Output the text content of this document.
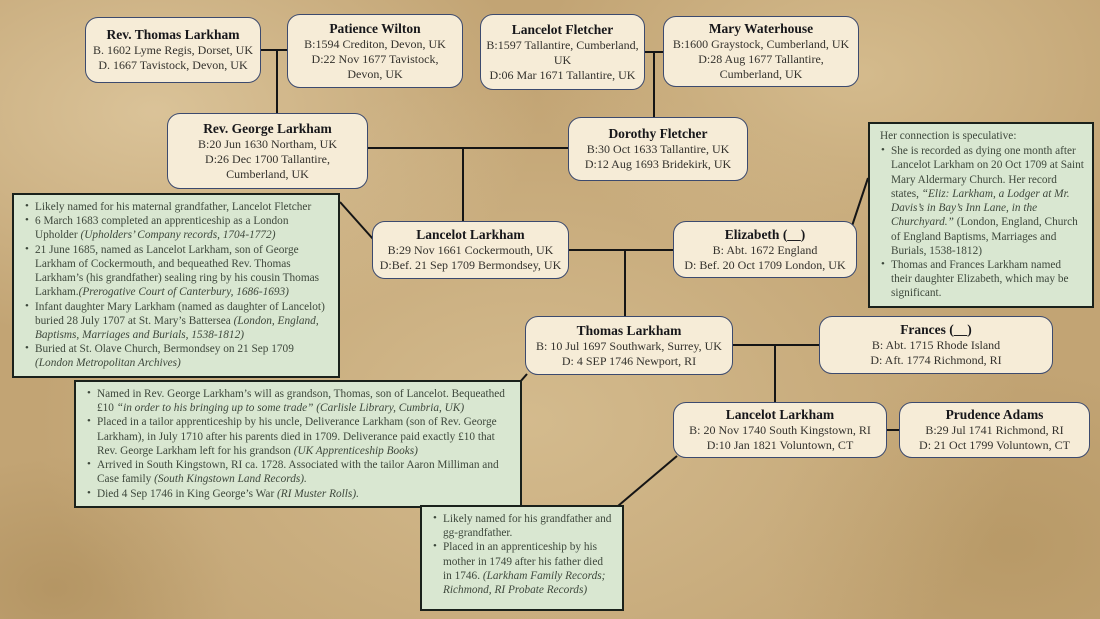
Rev. Thomas Larkham
B. 1602 Lyme Regis, Dorset, UK
D. 1667 Tavistock, Devon, UK
Patience Wilton
B:1594 Crediton, Devon, UK
D:22 Nov 1677 Tavistock, Devon, UK
Lancelot Fletcher
B:1597 Tallantire, Cumberland, UK
D:06 Mar 1671 Tallantire, UK
Mary Waterhouse
B:1600 Graystock, Cumberland, UK
D:28 Aug 1677 Tallantire, Cumberland, UK
Rev. George Larkham
B:20 Jun 1630 Northam, UK
D:26 Dec 1700 Tallantire, Cumberland, UK
Dorothy Fletcher
B:30 Oct 1633 Tallantire, UK
D:12 Aug 1693 Bridekirk, UK
Lancelot Larkham
B:29 Nov 1661 Cockermouth, UK
D:Bef. 21 Sep 1709 Bermondsey, UK
Elizabeth (__)
B: Abt. 1672 England
D: Bef. 20 Oct 1709 London, UK
Thomas Larkham
B: 10 Jul 1697 Southwark, Surrey, UK
D: 4 SEP 1746 Newport, RI
Frances (__)
B: Abt. 1715 Rhode Island
D: Aft. 1774 Richmond, RI
Lancelot Larkham
B: 20 Nov 1740 South Kingstown, RI
D:10 Jan 1821 Voluntown, CT
Prudence Adams
B:29 Jul 1741 Richmond, RI
D: 21 Oct 1799 Voluntown, CT
• Likely named for his maternal grandfather, Lancelot Fletcher
• 6 March 1683 completed an apprenticeship as a London Upholder (Upholders’ Company records, 1704-1772)
• 21 June 1685, named as Lancelot Larkham, son of George Larkham of Cockermouth, and bequeathed Rev. Thomas Larkham’s (his grandfather) sealing ring by his cousin Thomas Larkham.(Prerogative Court of Canterbury, 1686-1693)
• Infant daughter Mary Larkham (named as daughter of Lancelot) buried 28 July 1707 at St. Mary’s Battersea (London, England, Baptisms, Marriages and Burials, 1538-1812)
• Buried at St. Olave Church, Bermondsey on 21 Sep 1709 (London Metropolitan Archives)
Her connection is speculative:
• She is recorded as dying one month after Lancelot Larkham on 20 Oct 1709 at Saint Mary Aldermary Church. Her record states, “Eliz: Larkham, a Lodger at Mr. Davis’s in Bay’s Inn Lane, in the Churchyard.” (London, England, Church of England Baptisms, Marriages and Burials, 1538-1812)
• Thomas and Frances Larkham named their daughter Elizabeth, which may be significant.
• Named in Rev. George Larkham’s will as grandson, Thomas, son of Lancelot. Bequeathed £10 “in order to his bringing up to some trade” (Carlisle Library, Cumbria, UK)
• Placed in a tailor apprenticeship by his uncle, Deliverance Larkham (son of Rev. George Larkham), in July 1710 after his parents died in 1709. Deliverance paid exactly £10 that Rev. George Larkham left for his grandson (UK Apprenticeship Books)
• Arrived in South Kingstown, RI ca. 1728. Associated with the tailor Aaron Milliman and Case family (South Kingstown Land Records).
• Died 4 Sep 1746 in King George’s War (RI Muster Rolls).
• Likely named for his grandfather and gg-grandfather.
• Placed in an apprenticeship by his mother in 1749 after his father died in 1746. (Larkham Family Records; Richmond, RI Probate Records)
